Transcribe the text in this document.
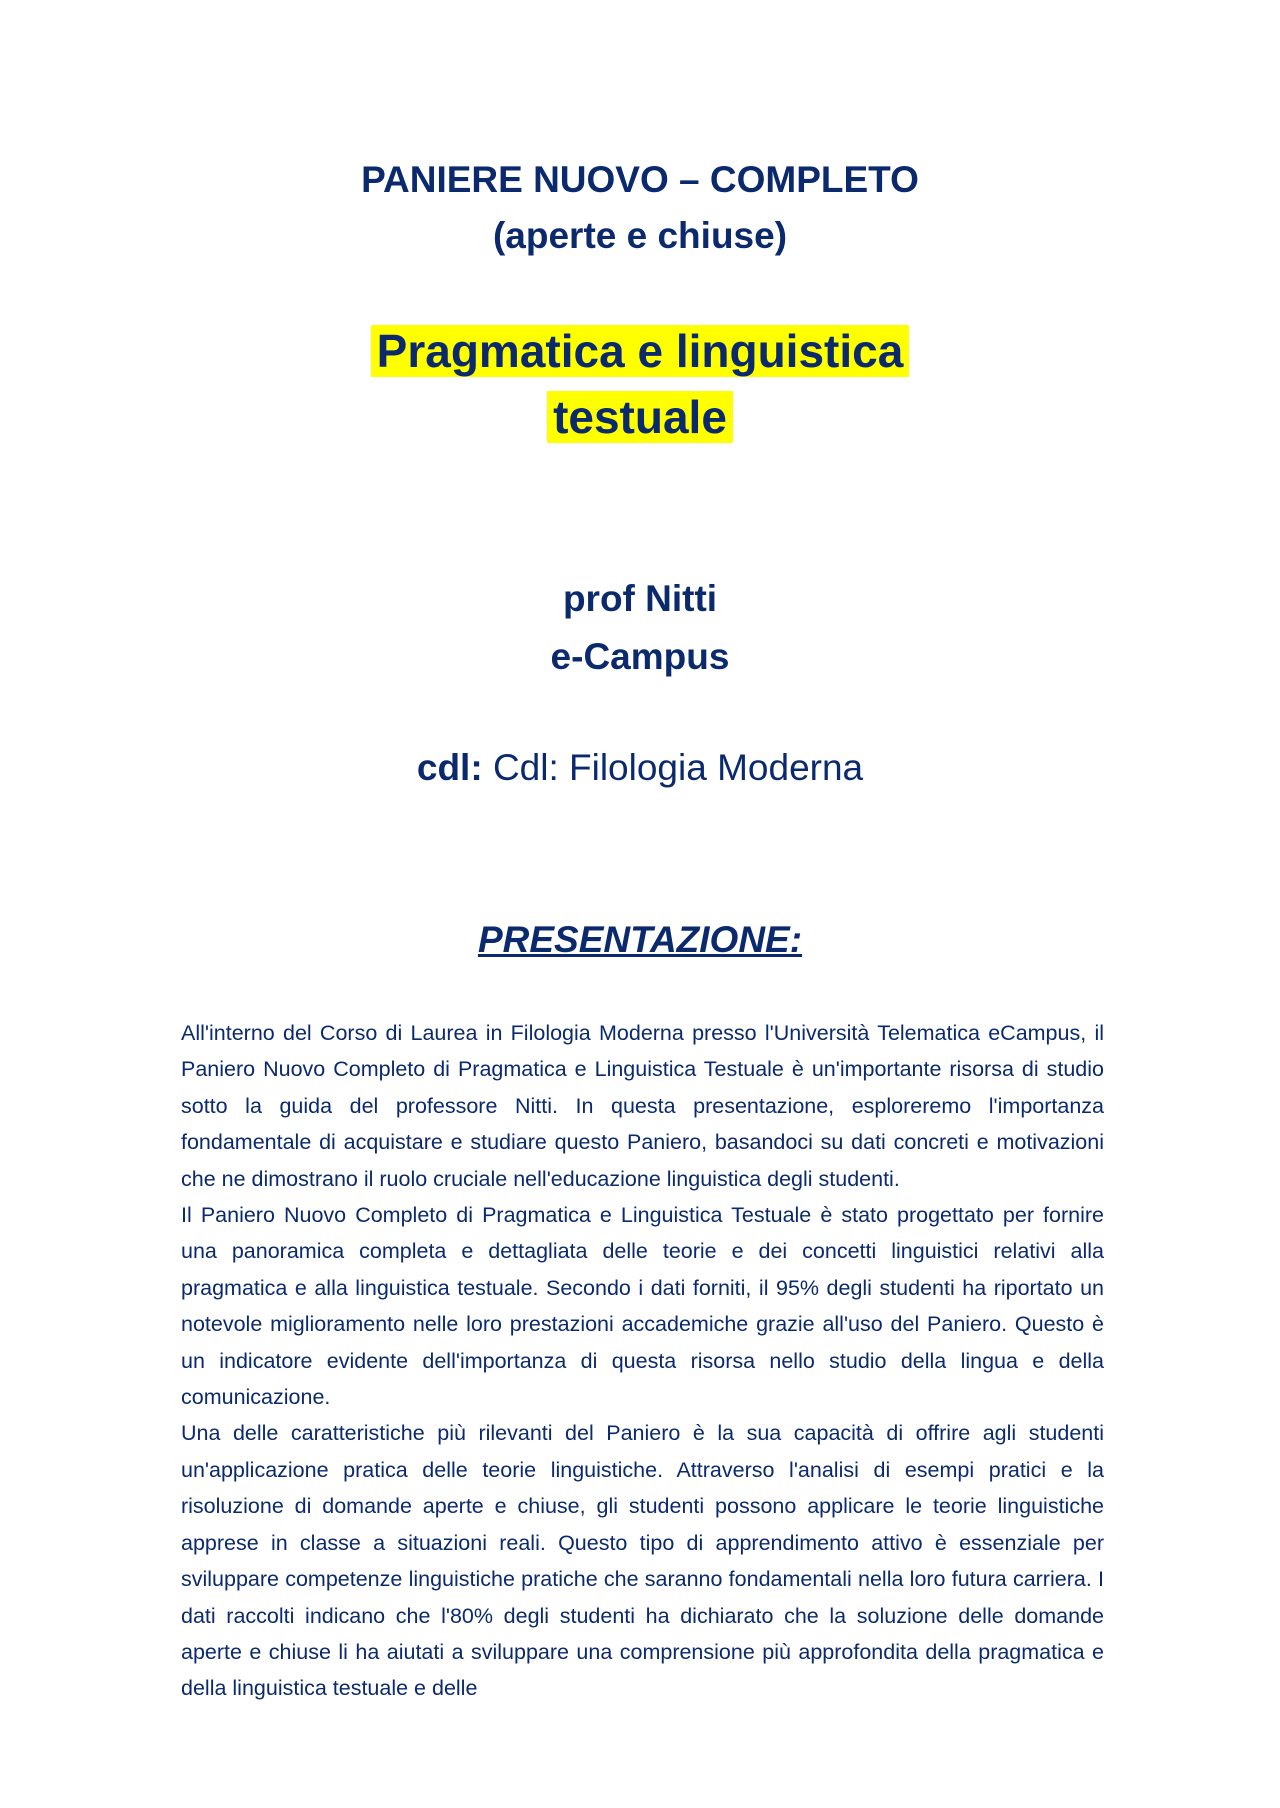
PANIERE NUOVO – COMPLETO
(aperte e chiuse)
Pragmatica e linguistica
testuale
prof Nitti
e-Campus
cdl: Cdl: Filologia Moderna
PRESENTAZIONE:

All'interno del Corso di Laurea in Filologia Moderna presso l'Università Telematica eCampus, il Paniero Nuovo Completo di Pragmatica e Linguistica Testuale è un'importante risorsa di studio sotto la guida del professore Nitti. In questa presentazione, esploreremo l'importanza fondamentale di acquistare e studiare questo Paniero, basandoci su dati concreti e motivazioni che ne dimostrano il ruolo cruciale nell'educazione linguistica degli studenti.

Il Paniero Nuovo Completo di Pragmatica e Linguistica Testuale è stato progettato per fornire una panoramica completa e dettagliata delle teorie e dei concetti linguistici relativi alla pragmatica e alla linguistica testuale. Secondo i dati forniti, il 95% degli studenti ha riportato un notevole miglioramento nelle loro prestazioni accademiche grazie all'uso del Paniero. Questo è un indicatore evidente dell'importanza di questa risorsa nello studio della lingua e della comunicazione.

Una delle caratteristiche più rilevanti del Paniero è la sua capacità di offrire agli studenti un'applicazione pratica delle teorie linguistiche. Attraverso l'analisi di esempi pratici e la risoluzione di domande aperte e chiuse, gli studenti possono applicare le teorie linguistiche apprese in classe a situazioni reali. Questo tipo di apprendimento attivo è essenziale per sviluppare competenze linguistiche pratiche che saranno fondamentali nella loro futura carriera. I dati raccolti indicano che l'80% degli studenti ha dichiarato che la soluzione delle domande aperte e chiuse li ha aiutati a sviluppare una comprensione più approfondita della pragmatica e della linguistica testuale e delle
